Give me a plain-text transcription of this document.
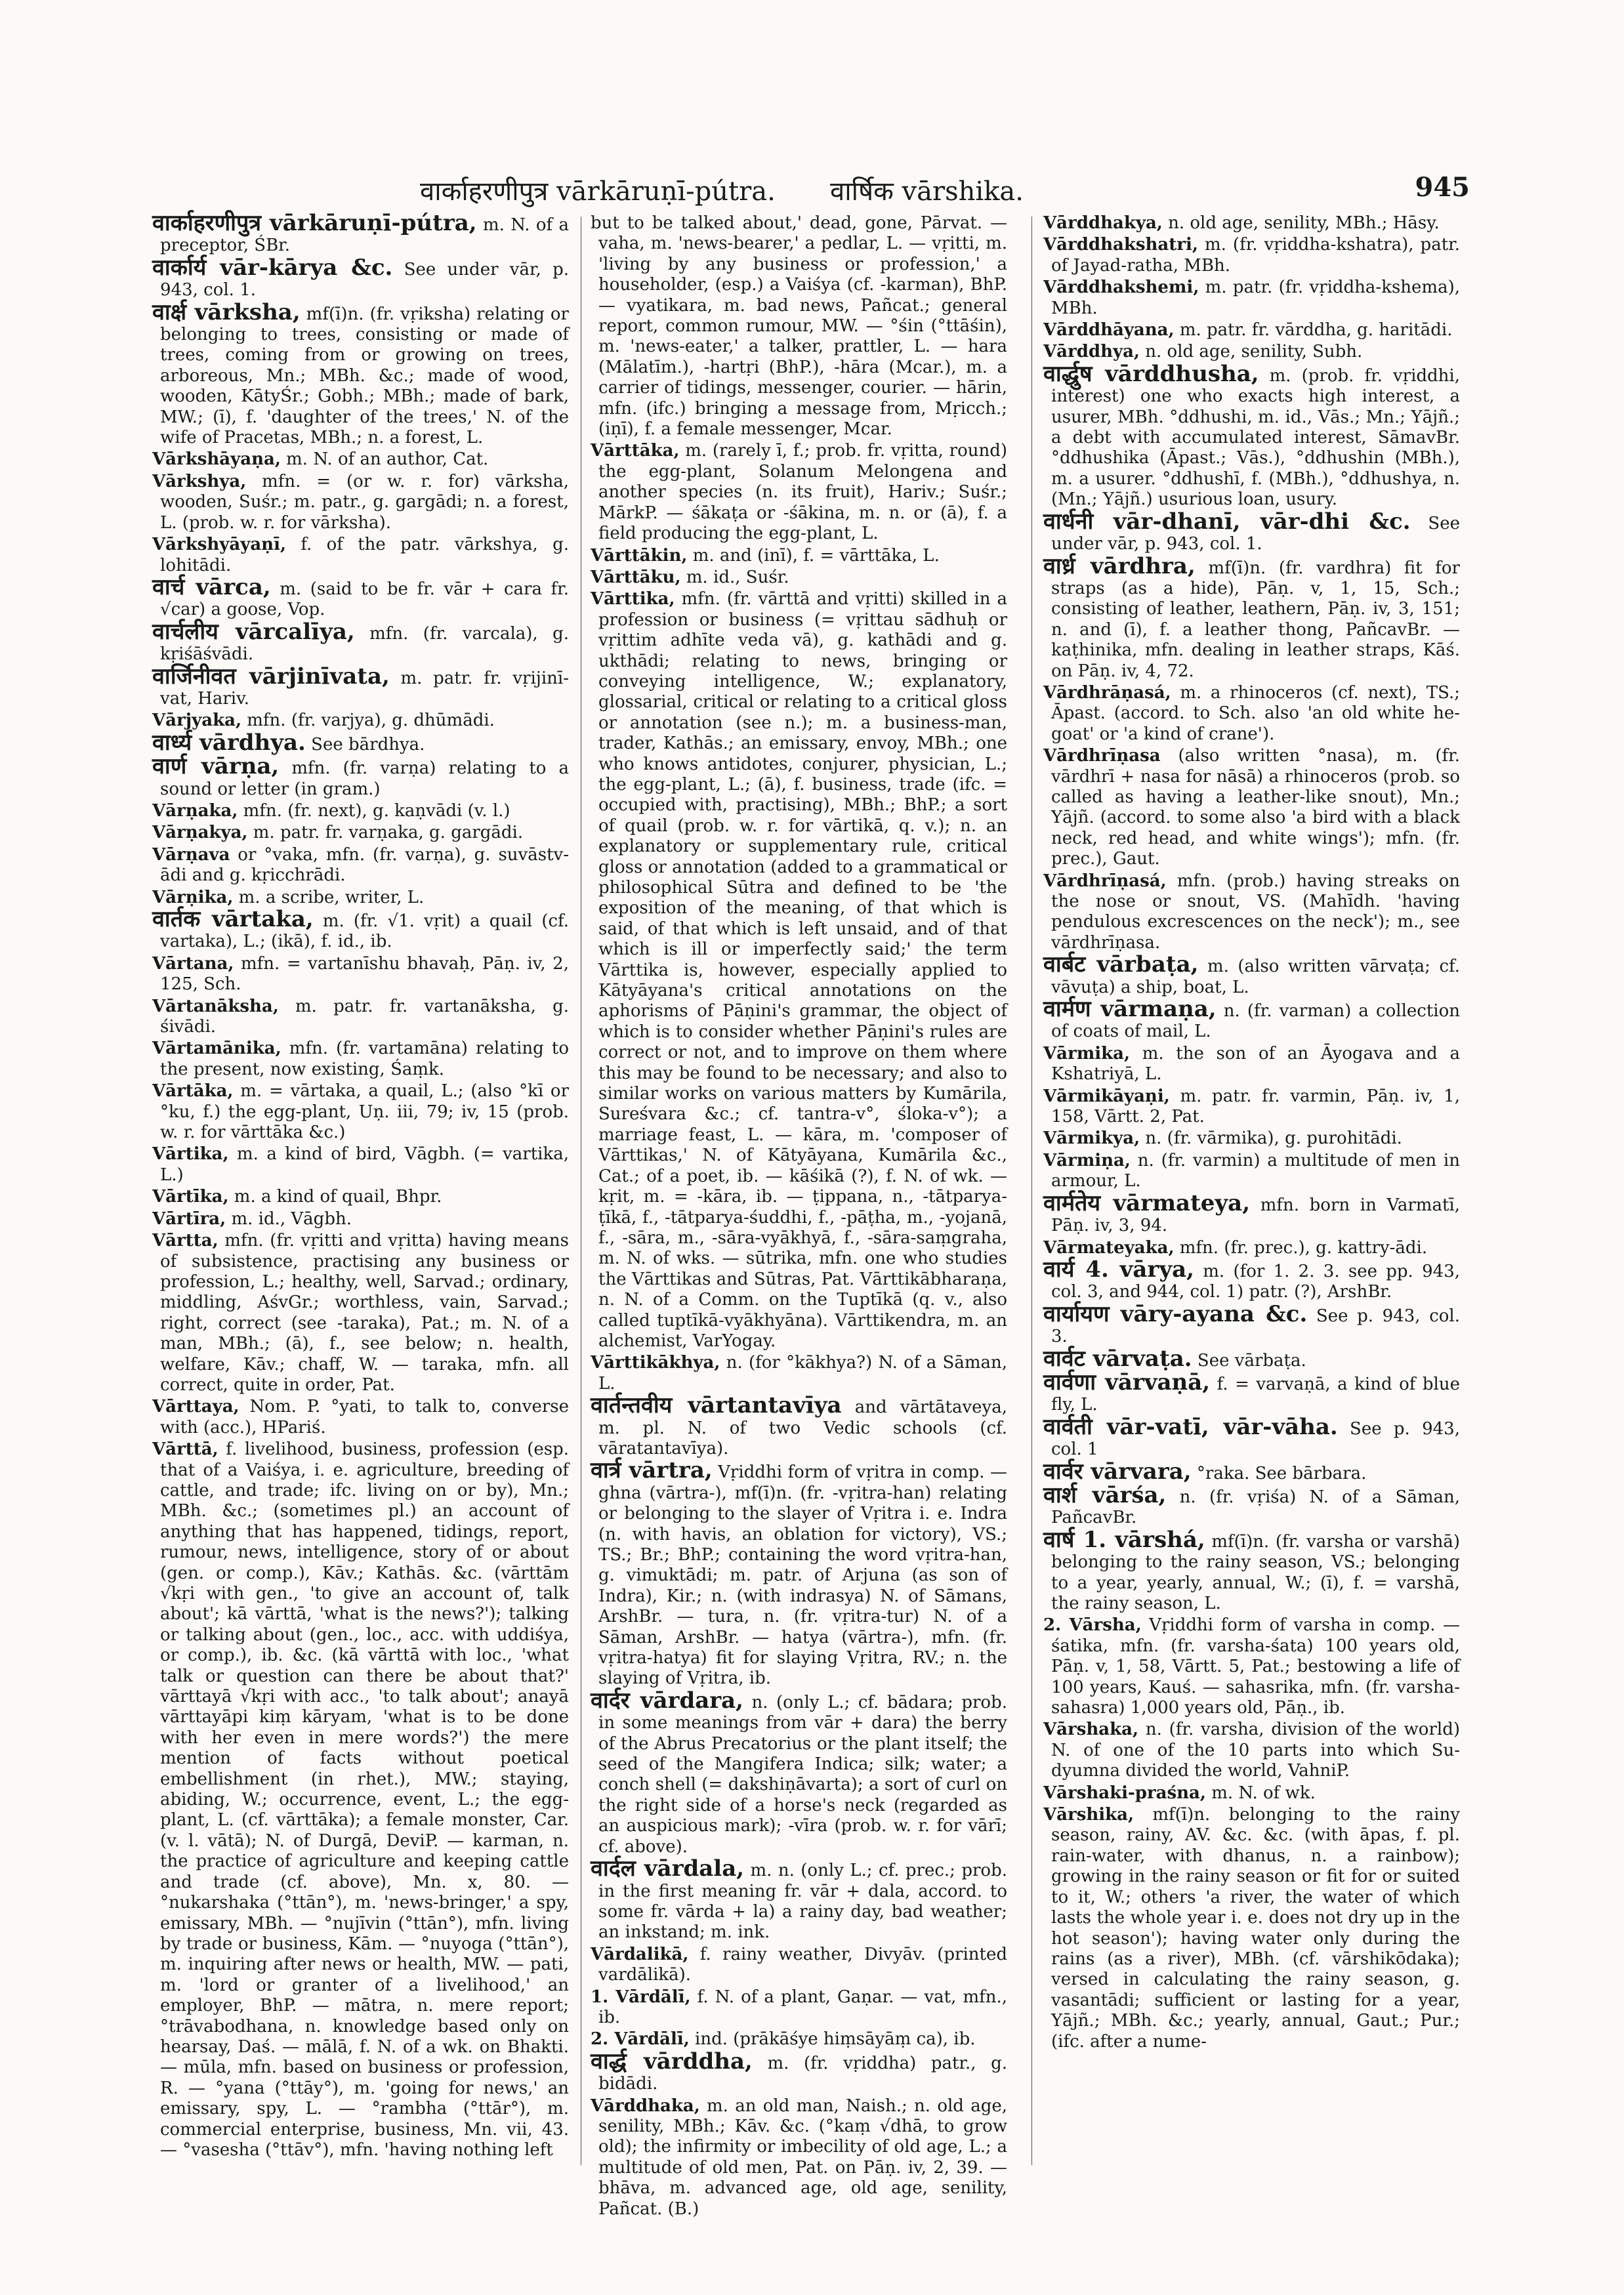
वार्काहरणीपुत्र vārkāruṇī-pútra. वार्षिक vārshika.	945

वार्काहरणीपुत्र vārkāruṇī-pútra, m. N. of a preceptor, ŚBr.

वार्कार्य vār-kārya &c. See under vār, p. 943, col. 1.

वार्क्ष vārksha, mf(ī)n. (fr. vṛiksha) relating or belonging to trees, consisting or made of trees, coming from or growing on trees, arboreous, Mn.; MBh. &c.; made of wood, wooden, KātyŚr.; Gobh.; MBh.; made of bark, MW.; (ī), f. 'daughter of the trees,' N. of the wife of Pracetas, MBh.; n. a forest, L.

Vārkshāyaṇa, m. N. of an author, Cat.

Vārkshya, mfn. = (or w. r. for) vārksha, wooden, Suśr.; m. patr., g. gargādi; n. a forest, L. (prob. w. r. for vārksha).

Vārkshyāyaṇī, f. of the patr. vārkshya, g. lohitādi.

वार्च vārca, m. (said to be fr. vār + cara fr. √car) a goose, Vop.

वार्चलीय vārcalīya, mfn. (fr. varcala), g. kṛiśāśvādi.

वार्जिनीवत vārjinīvata, m. patr. fr. vṛijinī-vat, Hariv.

Vārjyaka, mfn. (fr. varjya), g. dhūmādi.

वार्ध्य vārdhya. See bārdhya.

वार्ण vārṇa, mfn. (fr. varṇa) relating to a sound or letter (in gram.)

Vārṇaka, mfn. (fr. next), g. kaṇvādi (v. l.)

Vārṇakya, m. patr. fr. varṇaka, g. gargādi.

Vārṇava or °vaka, mfn. (fr. varṇa), g. suvāstv-ādi and g. kṛicchrādi.

Vārṇika, m. a scribe, writer, L.

वार्तक vārtaka, m. (fr. √1. vṛit) a quail (cf. vartaka), L.; (ikā), f. id., ib.

Vārtana, mfn. = vartanīshu bhavaḥ, Pāṇ. iv, 2, 125, Sch.

Vārtanāksha, m. patr. fr. vartanāksha, g. śivādi.

Vārtamānika, mfn. (fr. vartamāna) relating to the present, now existing, Śaṃk.

Vārtāka, m. = vārtaka, a quail, L.; (also °kī or °ku, f.) the egg-plant, Uṇ. iii, 79; iv, 15 (prob. w. r. for vārttāka &c.)

Vārtika, m. a kind of bird, Vāgbh. (= vartika, L.)

Vārtīka, m. a kind of quail, Bhpr.

Vārtīra, m. id., Vāgbh.

Vārtta, mfn. (fr. vṛitti and vṛitta) having means of subsistence, practising any business or profession, L.; healthy, well, Sarvad.; ordinary, middling, AśvGr.; worthless, vain, Sarvad.; right, correct (see -taraka), Pat.; m. N. of a man, MBh.; (ā), f., see below; n. health, welfare, Kāv.; chaff, W. — taraka, mfn. all correct, quite in order, Pat.

Vārttaya, Nom. P. °yati, to talk to, converse with (acc.), HPariś.

Vārttā, f. livelihood, business, profession (esp. that of a Vaiśya, i. e. agriculture, breeding of cattle, and trade; ifc. living on or by), Mn.; MBh. &c.; (sometimes pl.) an account of anything that has happened, tidings, report, rumour, news, intelligence, story of or about (gen. or comp.), Kāv.; Kathās. &c. (vārttām √kṛi with gen., 'to give an account of, talk about'; kā vārttā, 'what is the news?'); talking or talking about (gen., loc., acc. with uddiśya, or comp.), ib. &c. (kā vārttā with loc., 'what talk or question can there be about that?' vārttayā √kṛi with acc., 'to talk about'; anayā vārttayāpi kiṃ kāryam, 'what is to be done with her even in mere words?') the mere mention of facts without poetical embellishment (in rhet.), MW.; staying, abiding, W.; occurrence, event, L.; the egg-plant, L. (cf. vārttāka); a female monster, Car. (v. l. vātā); N. of Durgā, DeviP. — karman, n. the practice of agriculture and keeping cattle and trade (cf. above), Mn. x, 80. — °nukarshaka (°ttān°), m. 'news-bringer,' a spy, emissary, MBh. — °nujīvin (°ttān°), mfn. living by trade or business, Kām. — °nuyoga (°ttān°), m. inquiring after news or health, MW. — pati, m. 'lord or granter of a livelihood,' an employer, BhP. — mātra, n. mere report; °trāvabodhana, n. knowledge based only on hearsay, Daś. — mālā, f. N. of a wk. on Bhakti. — mūla, mfn. based on business or profession, R. — °yana (°ttāy°), m. 'going for news,' an emissary, spy, L. — °rambha (°ttār°), m. commercial enterprise, business, Mn. vii, 43. — °vasesha (°ttāv°), mfn. 'having nothing left

but to be talked about,' dead, gone, Pārvat. — vaha, m. 'news-bearer,' a pedlar, L. — vṛitti, m. 'living by any business or profession,' a householder, (esp.) a Vaiśya (cf. -karman), BhP. — vyatikara, m. bad news, Pañcat.; general report, common rumour, MW. — °śin (°ttāśin), m. 'news-eater,' a talker, prattler, L. — hara (Mālatīm.), -hartṛi (BhP.), -hāra (Mcar.), m. a carrier of tidings, messenger, courier. — hārin, mfn. (ifc.) bringing a message from, Mṛicch.; (iṇī), f. a female messenger, Mcar.

Vārttāka, m. (rarely ī, f.; prob. fr. vṛitta, round) the egg-plant, Solanum Melongena and another species (n. its fruit), Hariv.; Suśr.; MārkP. — śākaṭa or -śākina, m. n. or (ā), f. a field producing the egg-plant, L.

Vārttākin, m. and (inī), f. = vārttāka, L.

Vārttāku, m. id., Suśr.

Vārttika, mfn. (fr. vārttā and vṛitti) skilled in a profession or business (= vṛittau sādhuḥ or vṛittim adhīte veda vā), g. kathādi and g. ukthādi; relating to news, bringing or conveying intelligence, W.; explanatory, glossarial, critical or relating to a critical gloss or annotation (see n.); m. a business-man, trader, Kathās.; an emissary, envoy, MBh.; one who knows antidotes, conjurer, physician, L.; the egg-plant, L.; (ā), f. business, trade (ifc. = occupied with, practising), MBh.; BhP.; a sort of quail (prob. w. r. for vārtikā, q. v.); n. an explanatory or supplementary rule, critical gloss or annotation (added to a grammatical or philosophical Sūtra and defined to be 'the exposition of the meaning, of that which is said, of that which is left unsaid, and of that which is ill or imperfectly said;' the term Vārttika is, however, especially applied to Kātyāyana's critical annotations on the aphorisms of Pāṇini's grammar, the object of which is to consider whether Pāṇini's rules are correct or not, and to improve on them where this may be found to be necessary; and also to similar works on various matters by Kumārila, Sureśvara &c.; cf. tantra-v°, śloka-v°); a marriage feast, L. — kāra, m. 'composer of Vārttikas,' N. of Kātyāyana, Kumārila &c., Cat.; of a poet, ib. — kāśikā (?), f. N. of wk. — kṛit, m. = -kāra, ib. — ṭippana, n., -tātparya-ṭīkā, f., -tātparya-śuddhi, f., -pāṭha, m., -yojanā, f., -sāra, m., -sāra-vyākhyā, f., -sāra-saṃgraha, m. N. of wks. — sūtrika, mfn. one who studies the Vārttikas and Sūtras, Pat. Vārttikābharaṇa, n. N. of a Comm. on the Tuptīkā (q. v., also called tuptīkā-vyākhyāna). Vārttikendra, m. an alchemist, VarYogay.

Vārttikākhya, n. (for °kākhya?) N. of a Sāman, L.

वार्तन्तवीय vārtantavīya and vārtātaveya, m. pl. N. of two Vedic schools (cf. vāratantavīya).

वार्त्र vārtra, Vṛiddhi form of vṛitra in comp. — ghna (vārtra-), mf(ī)n. (fr. -vṛitra-han) relating or belonging to the slayer of Vṛitra i. e. Indra (n. with havis, an oblation for victory), VS.; TS.; Br.; BhP.; containing the word vṛitra-han, g. vimuktādi; m. patr. of Arjuna (as son of Indra), Kir.; n. (with indrasya) N. of Sāmans, ArshBr. — tura, n. (fr. vṛitra-tur) N. of a Sāman, ArshBr. — hatya (vārtra-), mfn. (fr. vṛitra-hatya) fit for slaying Vṛitra, RV.; n. the slaying of Vṛitra, ib.

वार्दर vārdara, n. (only L.; cf. bādara; prob. in some meanings from vār + dara) the berry of the Abrus Precatorius or the plant itself; the seed of the Mangifera Indica; silk; water; a conch shell (= dakshiṇāvarta); a sort of curl on the right side of a horse's neck (regarded as an auspicious mark); -vīra (prob. w. r. for vārī; cf. above).

वार्दल vārdala, m. n. (only L.; cf. prec.; prob. in the first meaning fr. vār + dala, accord. to some fr. vārda + la) a rainy day, bad weather; an inkstand; m. ink.

Vārdalikā, f. rainy weather, Divyāv. (printed vardālikā).

1. Vārdālī, f. N. of a plant, Gaṇar. — vat, mfn., ib.

2. Vārdālī, ind. (prākāśye hiṃsāyāṃ ca), ib.

वार्द्ध vārddha, m. (fr. vṛiddha) patr., g. bidādi.

Vārddhaka, m. an old man, Naish.; n. old age, senility, MBh.; Kāv. &c. (°kaṃ √dhā, to grow old); the infirmity or imbecility of old age, L.; a multitude of old men, Pat. on Pāṇ. iv, 2, 39. — bhāva, m. advanced age, old age, senility, Pañcat. (B.)

Vārddhakya, n. old age, senility, MBh.; Hāsy.

Vārddhakshatri, m. (fr. vṛiddha-kshatra), patr. of Jayad-ratha, MBh.

Vārddhakshemi, m. patr. (fr. vṛiddha-kshema), MBh.

Vārddhāyana, m. patr. fr. vārddha, g. haritādi.

Vārddhya, n. old age, senility, Subh.

वार्द्धुष vārddhusha, m. (prob. fr. vṛiddhi, interest) one who exacts high interest, a usurer, MBh. °ddhushi, m. id., Vās.; Mn.; Yājñ.; a debt with accumulated interest, SāmavBr. °ddhushika (Āpast.; Vās.), °ddhushin (MBh.), m. a usurer. °ddhushī, f. (MBh.), °ddhushya, n. (Mn.; Yājñ.) usurious loan, usury.

वार्धनी vār-dhanī, vār-dhi &c. See under vār, p. 943, col. 1.

वार्ध्र vārdhra, mf(ī)n. (fr. vardhra) fit for straps (as a hide), Pāṇ. v, 1, 15, Sch.; consisting of leather, leathern, Pāṇ. iv, 3, 151; n. and (ī), f. a leather thong, PañcavBr. — kaṭhinika, mfn. dealing in leather straps, Kāś. on Pāṇ. iv, 4, 72.

Vārdhrāṇasá, m. a rhinoceros (cf. next), TS.; Āpast. (accord. to Sch. also 'an old white he-goat' or 'a kind of crane').

Vārdhrīṇasa (also written °nasa), m. (fr. vārdhrī + nasa for nāsā) a rhinoceros (prob. so called as having a leather-like snout), Mn.; Yājñ. (accord. to some also 'a bird with a black neck, red head, and white wings'); mfn. (fr. prec.), Gaut.

Vārdhrīṇasá, mfn. (prob.) having streaks on the nose or snout, VS. (Mahīdh. 'having pendulous excrescences on the neck'); m., see vārdhrīṇasa.

वार्बट vārbaṭa, m. (also written vārvaṭa; cf. vāvuṭa) a ship, boat, L.

वार्मण vārmaṇa, n. (fr. varman) a collection of coats of mail, L.

Vārmika, m. the son of an Āyogava and a Kshatriyā, L.

Vārmikāyaṇi, m. patr. fr. varmin, Pāṇ. iv, 1, 158, Vārtt. 2, Pat.

Vārmikya, n. (fr. vārmika), g. purohitādi.

Vārmiṇa, n. (fr. varmin) a multitude of men in armour, L.

वार्मतेय vārmateya, mfn. born in Varmatī, Pāṇ. iv, 3, 94.

Vārmateyaka, mfn. (fr. prec.), g. kattry-ādi.

वार्य 4. vārya, m. (for 1. 2. 3. see pp. 943, col. 3, and 944, col. 1) patr. (?), ArshBr.

वार्यायण vāry-ayana &c. See p. 943, col. 3.

वार्वट vārvaṭa. See vārbaṭa.

वार्वणा vārvaṇā, f. = varvaṇā, a kind of blue fly, L.

वार्वती vār-vatī, vār-vāha. See p. 943, col. 1

वार्वर vārvara, °raka. See bārbara.

वार्श vārśa, n. (fr. vṛiśa) N. of a Sāman, PañcavBr.

वार्ष 1. vārshá, mf(ī)n. (fr. varsha or varshā) belonging to the rainy season, VS.; belonging to a year, yearly, annual, W.; (ī), f. = varshā, the rainy season, L.

2. Vārsha, Vṛiddhi form of varsha in comp. — śatika, mfn. (fr. varsha-śata) 100 years old, Pāṇ. v, 1, 58, Vārtt. 5, Pat.; bestowing a life of 100 years, Kauś. — sahasrika, mfn. (fr. varsha-sahasra) 1,000 years old, Pāṇ., ib.

Vārshaka, n. (fr. varsha, division of the world) N. of one of the 10 parts into which Su-dyumna divided the world, VahniP.

Vārshaki-praśna, m. N. of wk.

Vārshika, mf(ī)n. belonging to the rainy season, rainy, AV. &c. &c. (with āpas, f. pl. rain-water, with dhanus, n. a rainbow); growing in the rainy season or fit for or suited to it, W.; others 'a river, the water of which lasts the whole year i. e. does not dry up in the hot season'); having water only during the rains (as a river), MBh. (cf. vārshikōdaka); versed in calculating the rainy season, g. vasantādi; sufficient or lasting for a year, Yājñ.; MBh. &c.; yearly, annual, Gaut.; Pur.; (ifc. after a nume-
